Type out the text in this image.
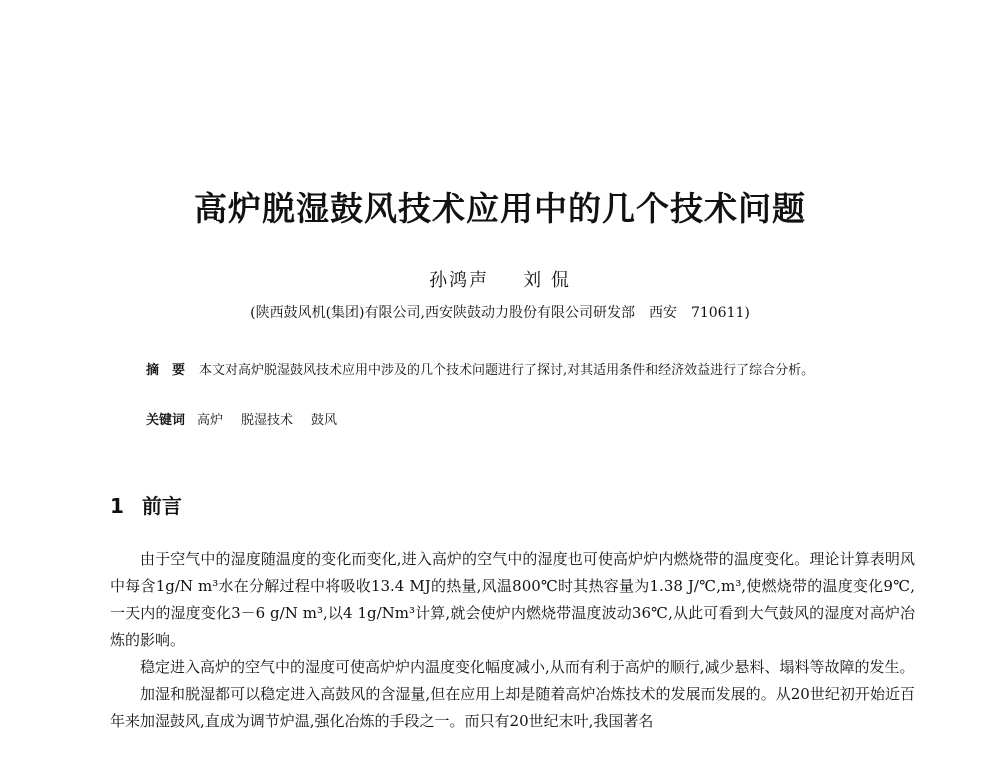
高炉脱湿鼓风技术应用中的几个技术问题
孙鸿声 刘 侃
(陕西鼓风机(集团)有限公司,西安陕鼓动力股份有限公司研发部　西安　710611)
摘　要 本文对高炉脱湿鼓风技术应用中涉及的几个技术问题进行了探讨,对其适用条件和经济效益进行了综合分析。
关键词 高炉 脱湿技术 鼓风
1 前言

由于空气中的湿度随温度的变化而变化,进入高炉的空气中的湿度也可使高炉炉内燃烧带的温度变化。理论计算表明风中每含1g/N m³水在分解过程中将吸收13.4 MJ的热量,风温800℃时其热容量为1.38 J/℃,m³,使燃烧带的温度变化9℃,一天内的湿度变化3－6 g/N m³,以4 1g/Nm³计算,就会使炉内燃烧带温度波动36℃,从此可看到大气鼓风的湿度对高炉冶炼的影响。

稳定进入高炉的空气中的湿度可使高炉炉内温度变化幅度减小,从而有利于高炉的顺行,减少悬料、塌料等故障的发生。

加湿和脱湿都可以稳定进入高鼓风的含湿量,但在应用上却是随着高炉冶炼技术的发展而发展的。从20世纪初开始近百年来加湿鼓风,直成为调节炉温,强化冶炼的手段之一。而只有20世纪末叶,我国著名
